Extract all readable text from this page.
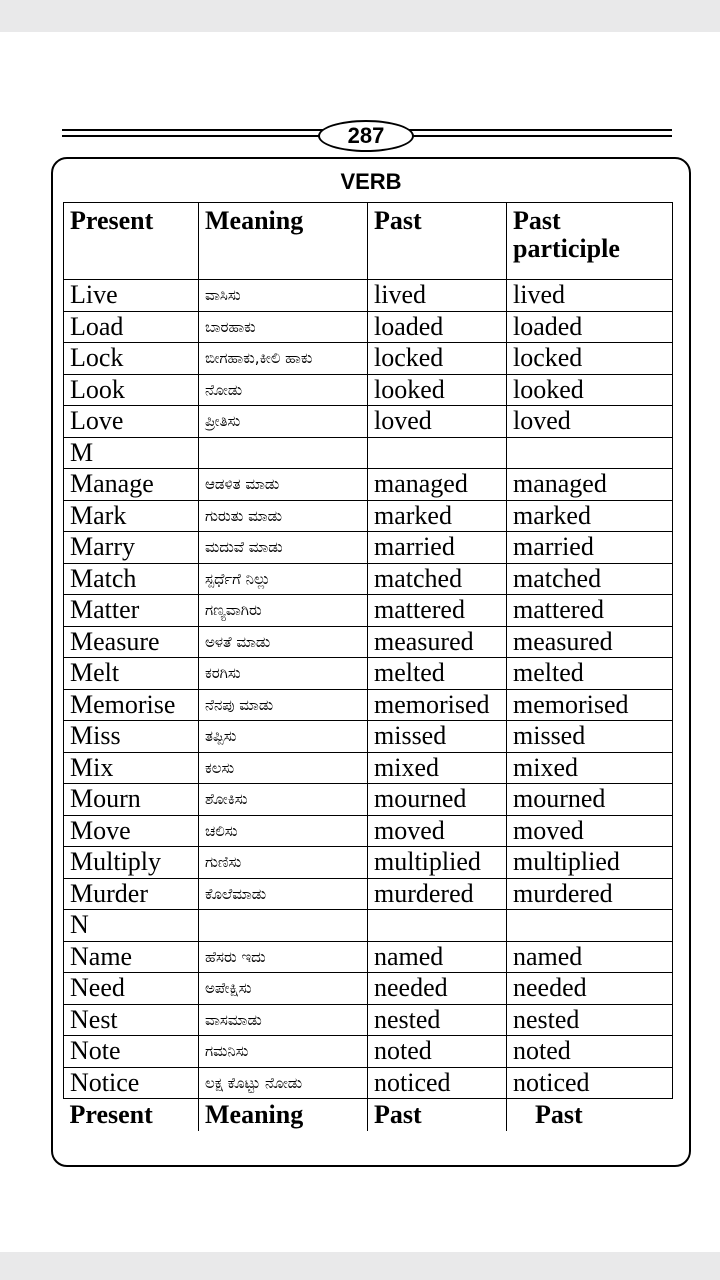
287
VERB
Present	Meaning	Past	Past
participle
Live	ವಾಸಿಸು	lived	lived
Load	ಬಾರಹಾಕು	loaded	loaded
Lock	ಬೀಗಹಾಕು,ಕೀಲಿ ಹಾಕು	locked	locked
Look	ನೋಡು	looked	looked
Love	ಪ್ರೀತಿಸು	loved	loved
M			
Manage	ಆಡಳಿತ ಮಾಡು	managed	managed
Mark	ಗುರುತು ಮಾಡು	marked	marked
Marry	ಮದುವೆ ಮಾಡು	married	married
Match	ಸ್ಪರ್ಧೆಗೆ ನಿಲ್ಲು	matched	matched
Matter	ಗಣ್ಯವಾಗಿರು	mattered	mattered
Measure	ಅಳತೆ ಮಾಡು	measured	measured
Melt	ಕರಗಿಸು	melted	melted
Memorise	ನೆನಪು ಮಾಡು	memorised	memorised
Miss	ತಪ್ಪಿಸು	missed	missed
Mix	ಕಲಸು	mixed	mixed
Mourn	ಶೋಕಿಸು	mourned	mourned
Move	ಚಲಿಸು	moved	moved
Multiply	ಗುಣಿಸು	multiplied	multiplied
Murder	ಕೊಲೆಮಾಡು	murdered	murdered
N			
Name	ಹೆಸರು ಇದು	named	named
Need	ಅಪೇಕ್ಷಿಸು	needed	needed
Nest	ವಾಸಮಾಡು	nested	nested
Note	ಗಮನಿಸು	noted	noted
Notice	ಲಕ್ಷ ಕೊಟ್ಟು ನೋಡು	noticed	noticed
Present	Meaning	Past	Past
